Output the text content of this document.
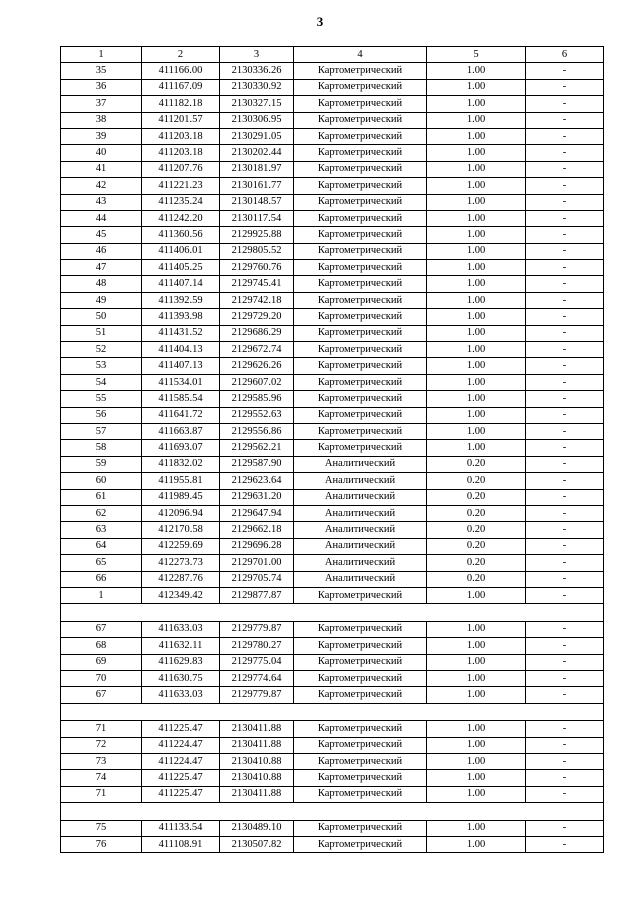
3
1	2	3	4	5	6
35	411166.00	2130336.26	Картометрический	1.00	-
36	411167.09	2130330.92	Картометрический	1.00	-
37	411182.18	2130327.15	Картометрический	1.00	-
38	411201.57	2130306.95	Картометрический	1.00	-
39	411203.18	2130291.05	Картометрический	1.00	-
40	411203.18	2130202.44	Картометрический	1.00	-
41	411207.76	2130181.97	Картометрический	1.00	-
42	411221.23	2130161.77	Картометрический	1.00	-
43	411235.24	2130148.57	Картометрический	1.00	-
44	411242.20	2130117.54	Картометрический	1.00	-
45	411360.56	2129925.88	Картометрический	1.00	-
46	411406.01	2129805.52	Картометрический	1.00	-
47	411405.25	2129760.76	Картометрический	1.00	-
48	411407.14	2129745.41	Картометрический	1.00	-
49	411392.59	2129742.18	Картометрический	1.00	-
50	411393.98	2129729.20	Картометрический	1.00	-
51	411431.52	2129686.29	Картометрический	1.00	-
52	411404.13	2129672.74	Картометрический	1.00	-
53	411407.13	2129626.26	Картометрический	1.00	-
54	411534.01	2129607.02	Картометрический	1.00	-
55	411585.54	2129585.96	Картометрический	1.00	-
56	411641.72	2129552.63	Картометрический	1.00	-
57	411663.87	2129556.86	Картометрический	1.00	-
58	411693.07	2129562.21	Картометрический	1.00	-
59	411832.02	2129587.90	Аналитический	0.20	-
60	411955.81	2129623.64	Аналитический	0.20	-
61	411989.45	2129631.20	Аналитический	0.20	-
62	412096.94	2129647.94	Аналитический	0.20	-
63	412170.58	2129662.18	Аналитический	0.20	-
64	412259.69	2129696.28	Аналитический	0.20	-
65	412273.73	2129701.00	Аналитический	0.20	-
66	412287.76	2129705.74	Аналитический	0.20	-
1	412349.42	2129877.87	Картометрический	1.00	-

67	411633.03	2129779.87	Картометрический	1.00	-
68	411632.11	2129780.27	Картометрический	1.00	-
69	411629.83	2129775.04	Картометрический	1.00	-
70	411630.75	2129774.64	Картометрический	1.00	-
67	411633.03	2129779.87	Картометрический	1.00	-

71	411225.47	2130411.88	Картометрический	1.00	-
72	411224.47	2130411.88	Картометрический	1.00	-
73	411224.47	2130410.88	Картометрический	1.00	-
74	411225.47	2130410.88	Картометрический	1.00	-
71	411225.47	2130411.88	Картометрический	1.00	-

75	411133.54	2130489.10	Картометрический	1.00	-
76	411108.91	2130507.82	Картометрический	1.00	-
